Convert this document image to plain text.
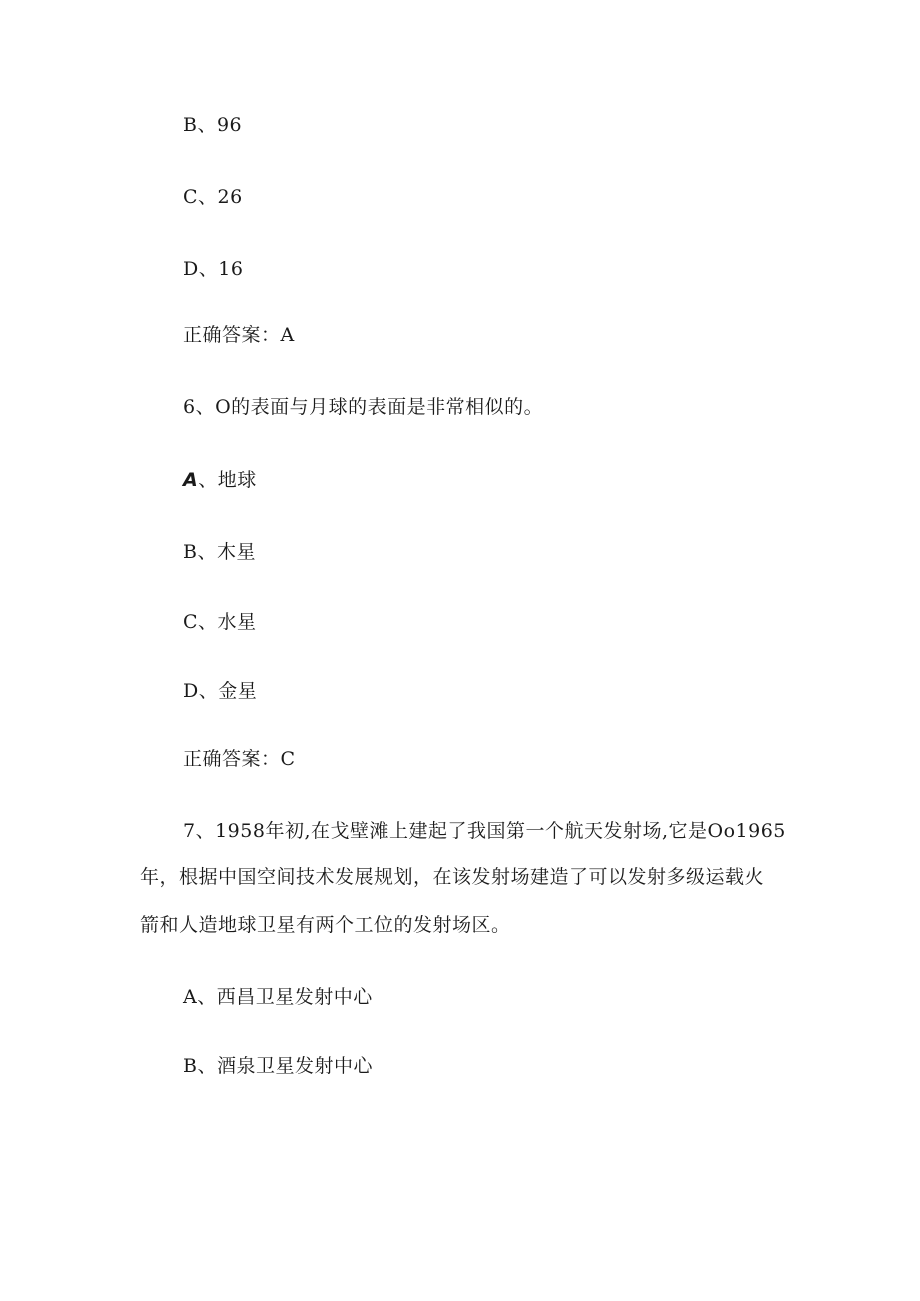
B、96
C、26
D、16
正确答案：A
6、O的表面与月球的表面是非常相似的。
A、地球
B、木星
C、水星
D、金星
正确答案：C
7、1958年初,在戈壁滩上建起了我国第一个航天发射场,它是Oo1965
年，根据中国空间技术发展规划，在该发射场建造了可以发射多级运载火
箭和人造地球卫星有两个工位的发射场区。
A、西昌卫星发射中心
B、酒泉卫星发射中心
